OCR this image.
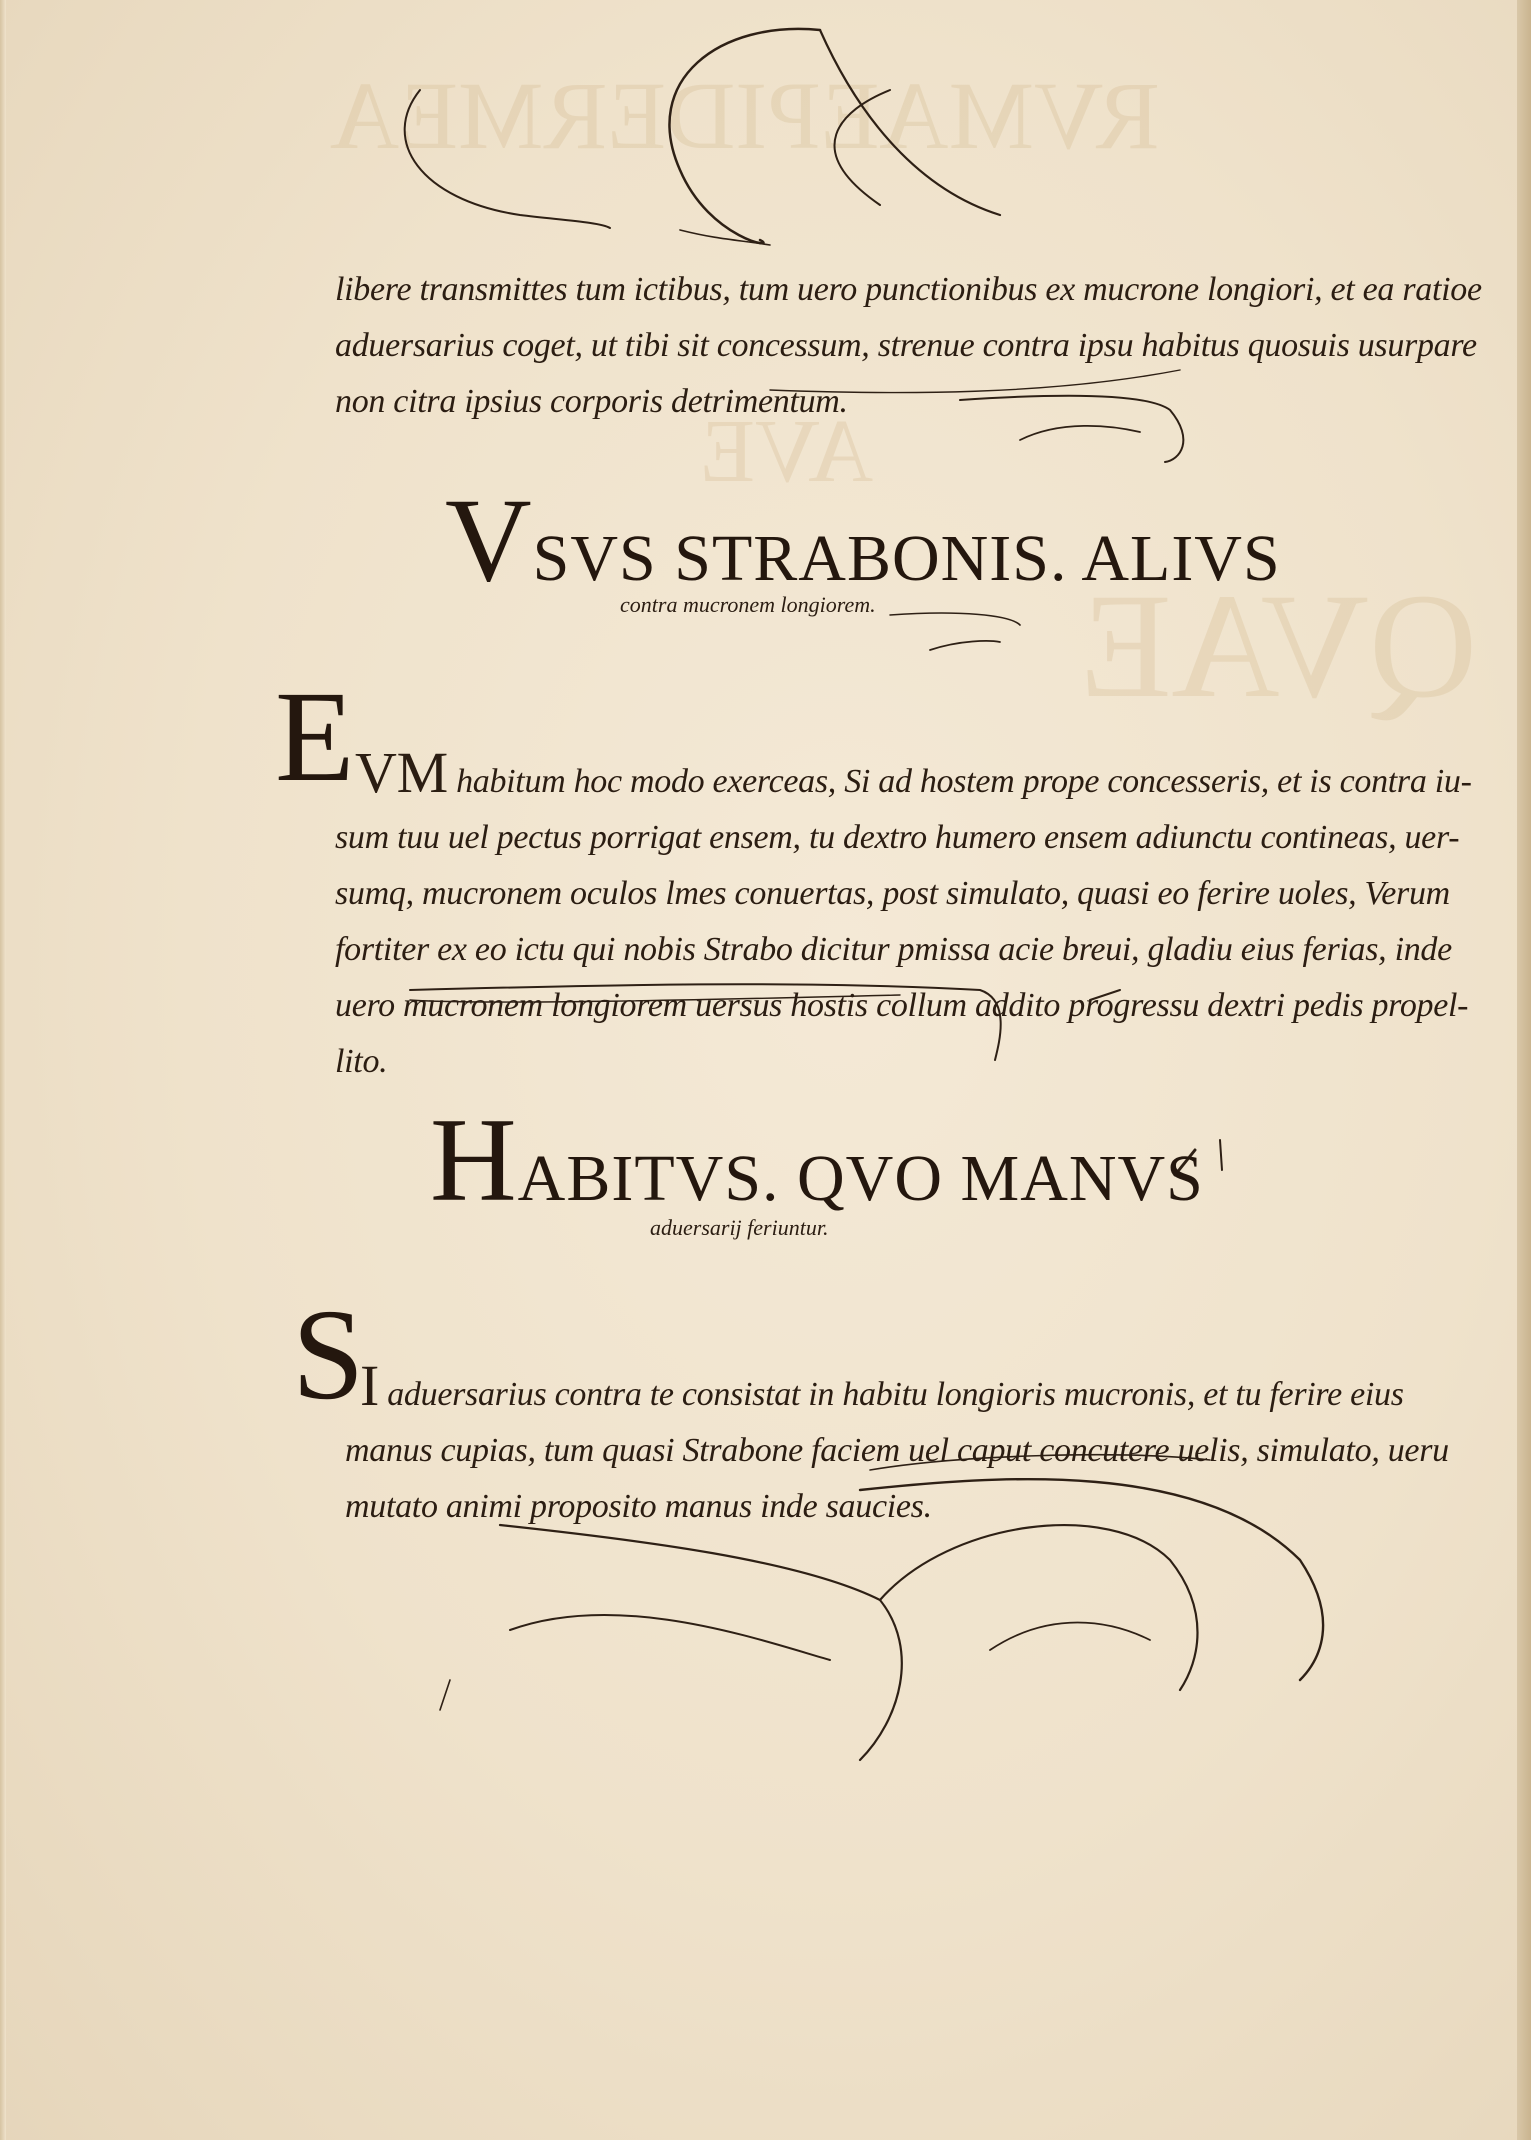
RVMAEPIDERMEA
QVAE
AVE
libere transmittes tum ictibus, tum uero punctionibus ex mucrone longiori, et ea ratioe
aduersarius coget, ut tibi sit concessum, strenue contra ipsu habitus quosuis usurpare
non citra ipsius corporis detrimentum.
VSVS STRABONIS. ALIVS
contra mucronem longiorem.
E VM habitum hoc modo exerceas, Si ad hostem prope concesseris, et is contra iu-
sum tuu uel pectus porrigat ensem, tu dextro humero ensem adiunctu contineas, uer-
sumq, mucronem oculos lmes conuertas, post simulato, quasi eo ferire uoles, Verum
fortiter ex eo ictu qui nobis Strabo dicitur pmissa acie breui, gladiu eius ferias, inde
uero mucronem longiorem uersus hostis collum addito progressu dextri pedis propel-
lito.
HABITVS. QVO MANVS
aduersarij feriuntur.
S
I aduersarius contra te consistat in habitu longioris mucronis, et tu ferire eius
manus cupias, tum quasi Strabone faciem uel caput concutere uelis, simulato, ueru
mutato animi proposito manus inde saucies.
